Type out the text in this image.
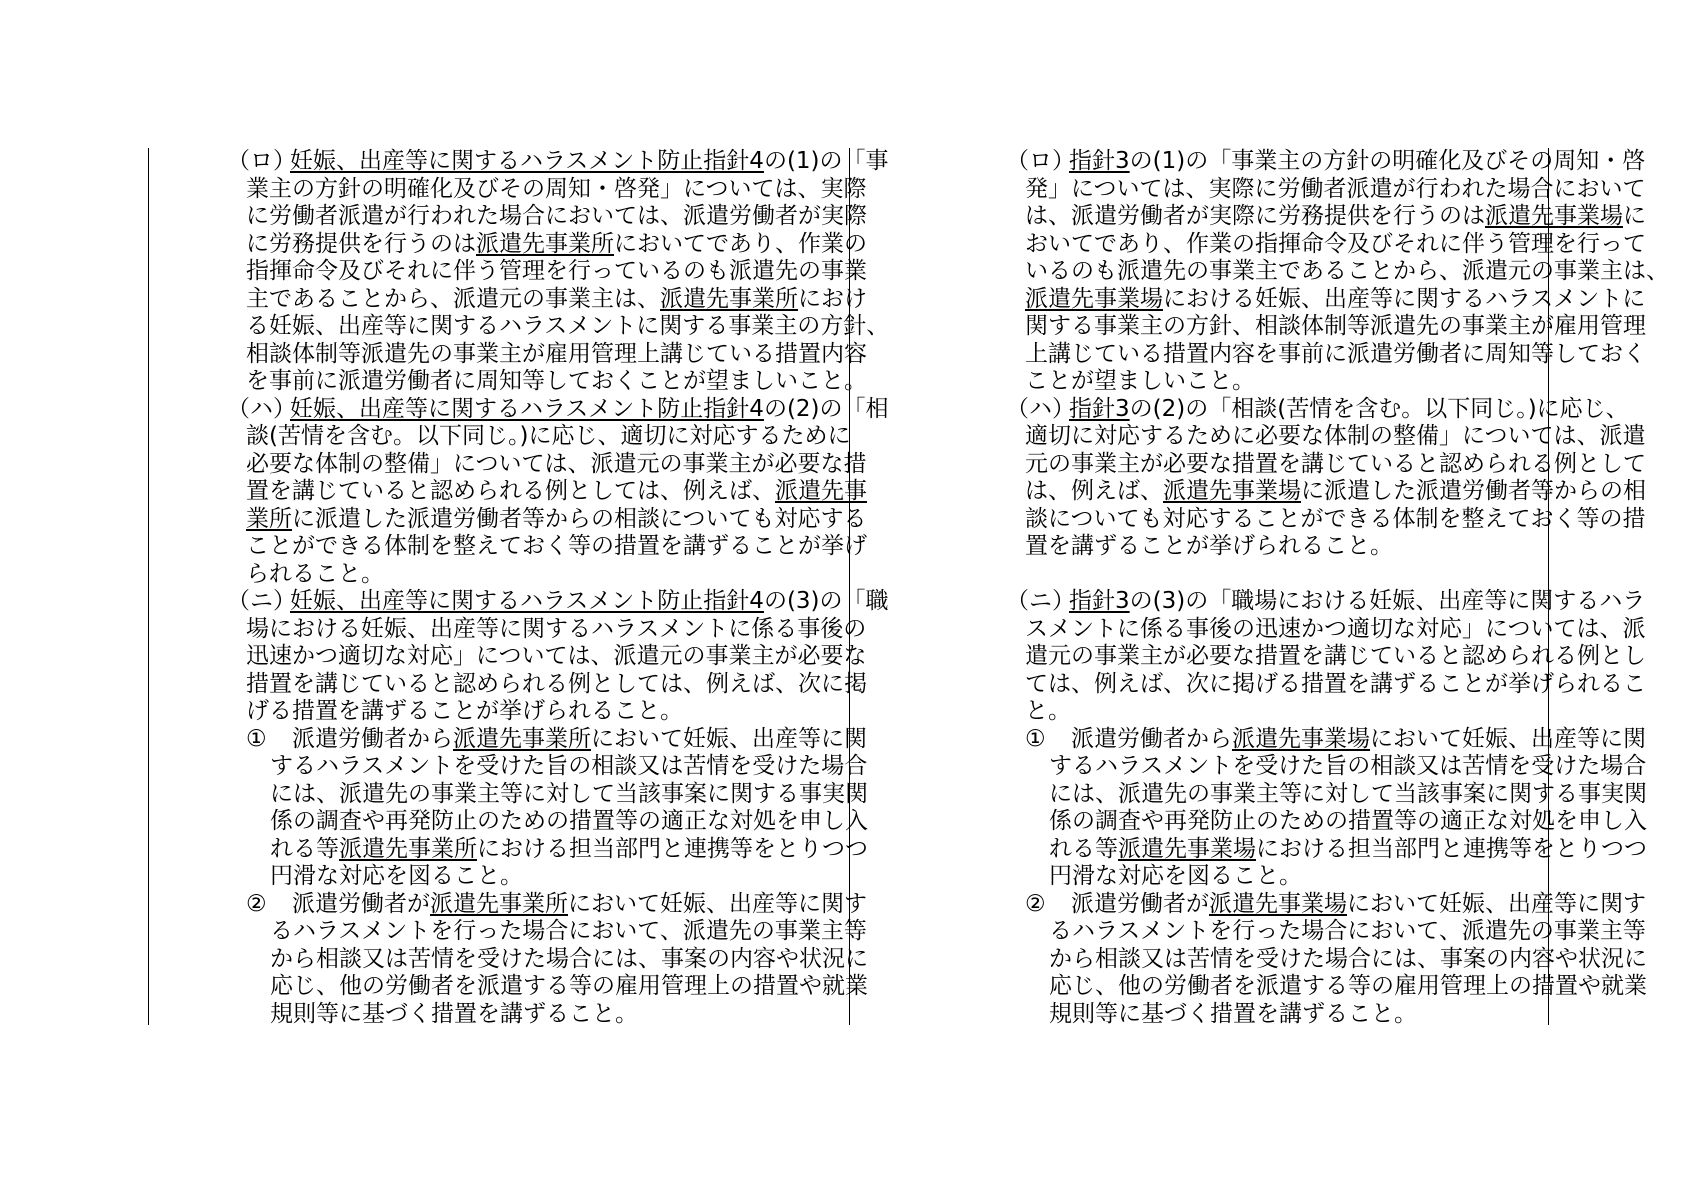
（ロ）
妊娠、出産等に関するハラスメント防止指針4の(1)の「事
業主の方針の明確化及びその周知・啓発」については、実際
に労働者派遣が行われた場合においては、派遣労働者が実際
に労務提供を行うのは派遣先事業所においてであり、作業の
指揮命令及びそれに伴う管理を行っているのも派遣先の事業
主であることから、派遣元の事業主は、派遣先事業所におけ
る妊娠、出産等に関するハラスメントに関する事業主の方針、
相談体制等派遣先の事業主が雇用管理上講じている措置内容
を事前に派遣労働者に周知等しておくことが望ましいこと。
（ハ）
妊娠、出産等に関するハラスメント防止指針4の(2)の「相
談(苦情を含む。以下同じ。)に応じ、適切に対応するために
必要な体制の整備」については、派遣元の事業主が必要な措
置を講じていると認められる例としては、例えば、派遣先事
業所に派遣した派遣労働者等からの相談についても対応する
ことができる体制を整えておく等の措置を講ずることが挙げ
られること。
（ニ）
妊娠、出産等に関するハラスメント防止指針4の(3)の「職
場における妊娠、出産等に関するハラスメントに係る事後の
迅速かつ適切な対応」については、派遣元の事業主が必要な
措置を講じていると認められる例としては、例えば、次に掲
げる措置を講ずることが挙げられること。
① 派遣労働者から派遣先事業所において妊娠、出産等に関
するハラスメントを受けた旨の相談又は苦情を受けた場合
には、派遣先の事業主等に対して当該事案に関する事実関
係の調査や再発防止のための措置等の適正な対処を申し入
れる等派遣先事業所における担当部門と連携等をとりつつ
円滑な対応を図ること。
② 派遣労働者が派遣先事業所において妊娠、出産等に関す
るハラスメントを行った場合において、派遣先の事業主等
から相談又は苦情を受けた場合には、事案の内容や状況に
応じ、他の労働者を派遣する等の雇用管理上の措置や就業
規則等に基づく措置を講ずること。
（ロ）
指針3の(1)の「事業主の方針の明確化及びその周知・啓
発」については、実際に労働者派遣が行われた場合において
は、派遣労働者が実際に労務提供を行うのは派遣先事業場に
おいてであり、作業の指揮命令及びそれに伴う管理を行って
いるのも派遣先の事業主であることから、派遣元の事業主は、
派遣先事業場における妊娠、出産等に関するハラスメントに
関する事業主の方針、相談体制等派遣先の事業主が雇用管理
上講じている措置内容を事前に派遣労働者に周知等しておく
ことが望ましいこと。
（ハ）
指針3の(2)の「相談(苦情を含む。以下同じ。)に応じ、
適切に対応するために必要な体制の整備」については、派遣
元の事業主が必要な措置を講じていると認められる例として
は、例えば、派遣先事業場に派遣した派遣労働者等からの相
談についても対応することができる体制を整えておく等の措
置を講ずることが挙げられること。
（ニ）
指針3の(3)の「職場における妊娠、出産等に関するハラ
スメントに係る事後の迅速かつ適切な対応」については、派
遣元の事業主が必要な措置を講じていると認められる例とし
ては、例えば、次に掲げる措置を講ずることが挙げられるこ
と。
① 派遣労働者から派遣先事業場において妊娠、出産等に関
するハラスメントを受けた旨の相談又は苦情を受けた場合
には、派遣先の事業主等に対して当該事案に関する事実関
係の調査や再発防止のための措置等の適正な対処を申し入
れる等派遣先事業場における担当部門と連携等をとりつつ
円滑な対応を図ること。
② 派遣労働者が派遣先事業場において妊娠、出産等に関す
るハラスメントを行った場合において、派遣先の事業主等
から相談又は苦情を受けた場合には、事案の内容や状況に
応じ、他の労働者を派遣する等の雇用管理上の措置や就業
規則等に基づく措置を講ずること。
